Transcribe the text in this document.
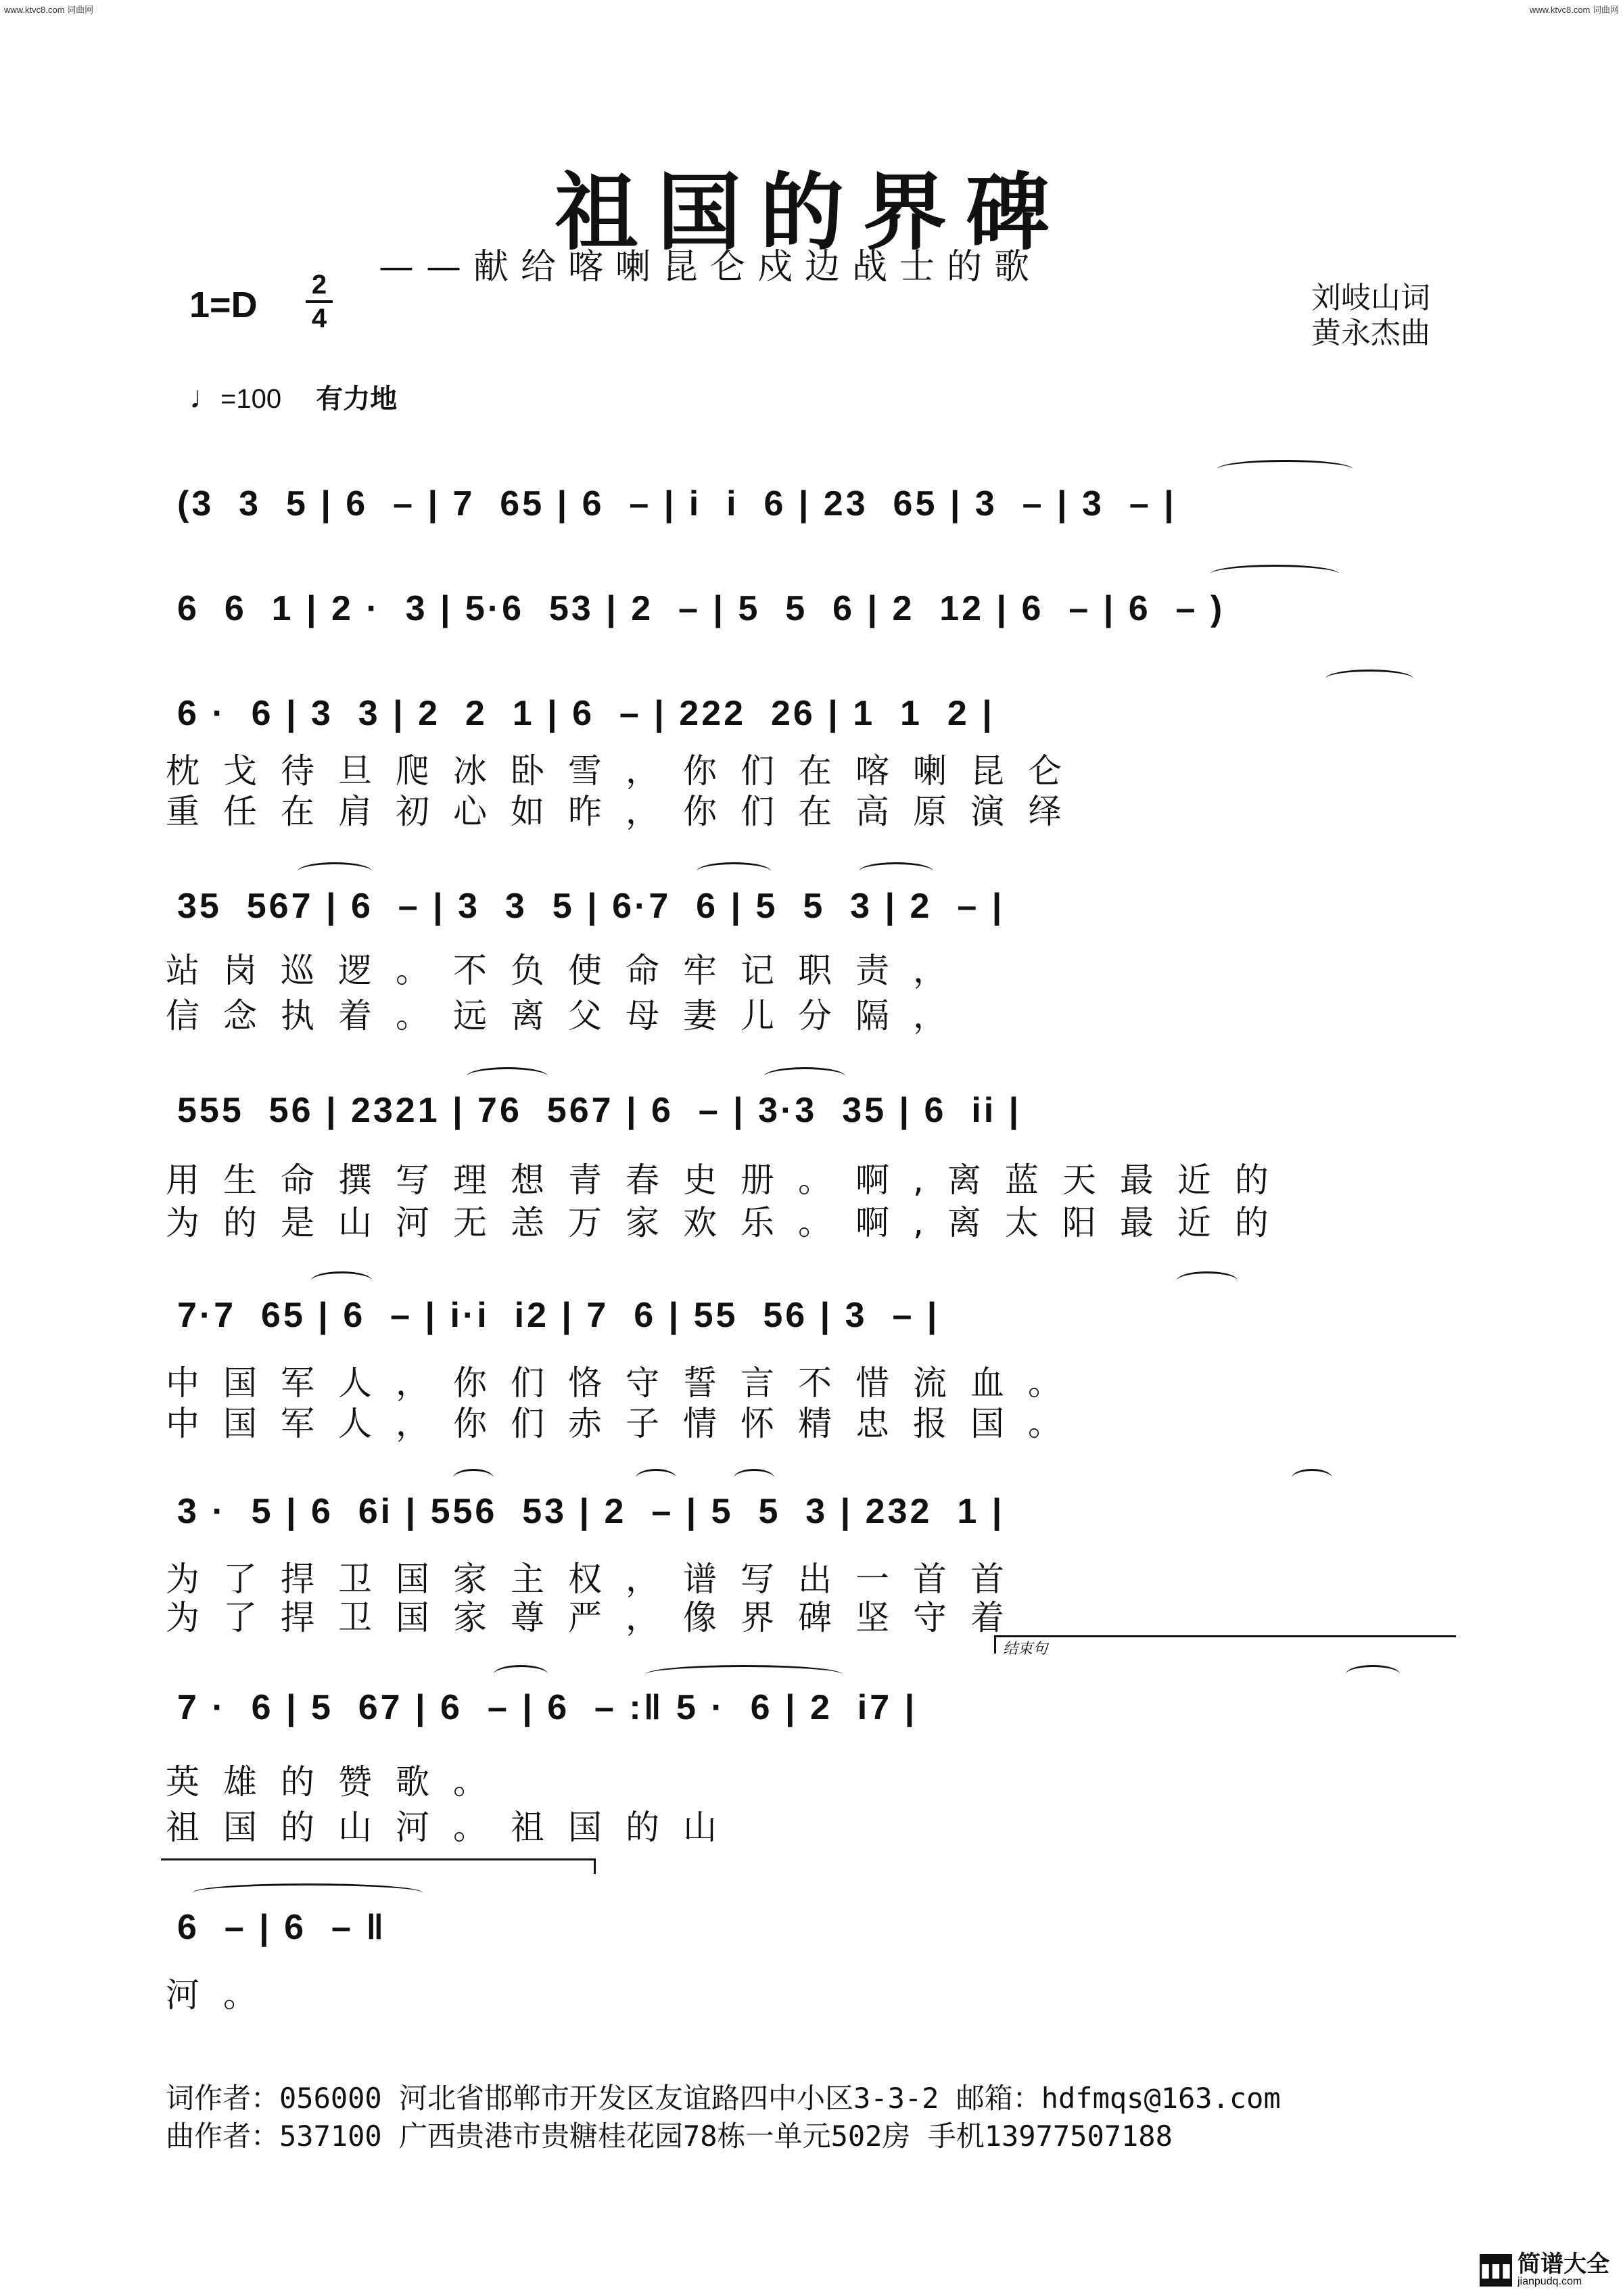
www.ktvc8.com 词曲网	www.ktvc8.com 词曲网
祖国的界碑
——献给喀喇昆仑戍边战士的歌
1=D 2
4
刘岐山词
黄永杰曲
♩=100 有力地
(3  3  5 | 6  – | 7  65 | 6  – | i  i  6 | 23  65 | 3  – | 3  – |
6  6  1 | 2 ·  3 | 5·6  53 | 2  – | 5  5  6 | 2  12 | 6  – | 6  – )
6 ·  6 | 3  3 | 2  2  1 | 6  – | 222  26 | 1  1  2 |
枕戈待旦爬冰卧雪，你们在喀喇昆仑
重任在肩初心如昨，你们在高原演绎
35  567 | 6  – | 3  3  5 | 6·7  6 | 5  5  3 | 2  – |
站岗巡逻。不负使命牢记职责，
信念执着。远离父母妻儿分隔，
555  56 | 2321 | 76  567 | 6  – | 3·3  35 | 6  ii |
用生命撰写理想青春史册。啊,离蓝天最近的
为的是山河无恙万家欢乐。啊,离太阳最近的
7·7  65 | 6  – | i·i  i2 | 7  6 | 55  56 | 3  – |
中国军人，你们恪守誓言不惜流血。
中国军人，你们赤子情怀精忠报国。
3 ·  5 | 6  6i | 556  53 | 2  – | 5  5  3 | 232  1 |
为了捍卫国家主权，谱写出一首首
为了捍卫国家尊严，像界碑坚守着
结束句
7 ·  6 | 5  67 | 6  – | 6  – :‖ 5 ·  6 | 2  i7 |
英雄的赞歌。
祖国的山河。祖国的山
6  – | 6  – ‖
河。
词作者：056000 河北省邯郸市开发区友谊路四中小区3-3-2 邮箱：hdfmqs@163.com
曲作者：537100 广西贵港市贵糖桂花园78栋一单元502房 手机13977507188
▮▮▮ 简谱大全
jianpudq.com
